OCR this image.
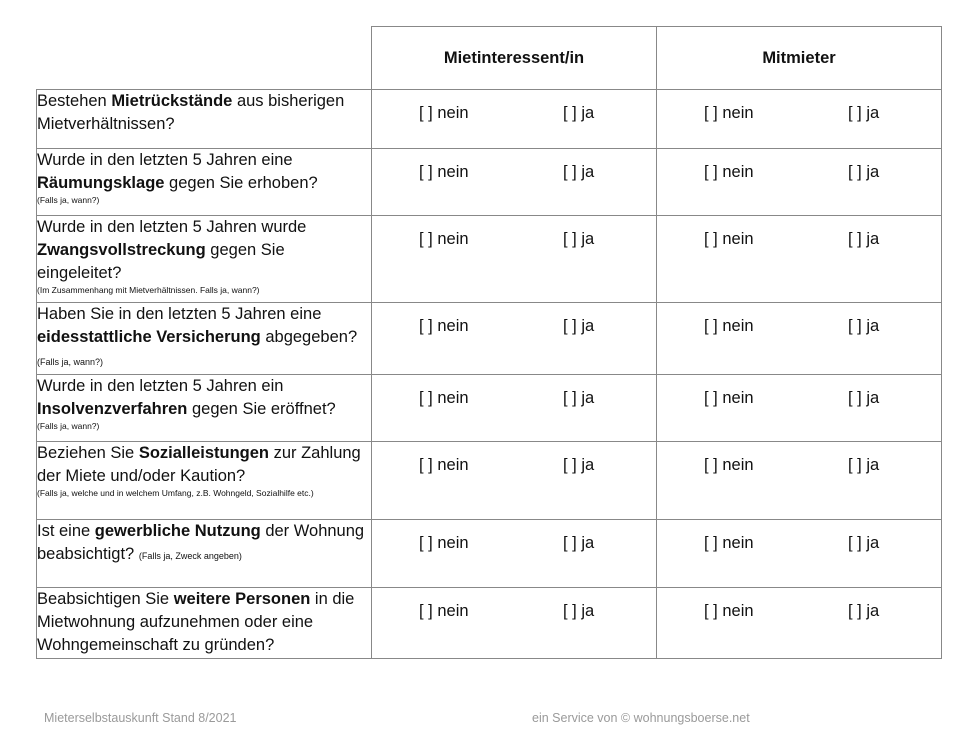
	Mietinteressent/in	Mitmieter
Bestehen Mietrückstände aus bisherigen Mietverhältnissen?	[ ] nein [ ] ja	[ ] nein [ ] ja

Wurde in den letzten 5 Jahren eine Räumungsklage gegen Sie erhoben?
(Falls ja, wann?)	[ ] nein [ ] ja	[ ] nein [ ] ja

Wurde in den letzten 5 Jahren wurde Zwangsvollstreckung gegen Sie eingeleitet?
(Im Zusammenhang mit Mietverhältnissen. Falls ja, wann?)	[ ] nein [ ] ja	[ ] nein [ ] ja

Haben Sie in den letzten 5 Jahren eine eidesstattliche Versicherung abgegeben? (Falls ja, wann?)	[ ] nein [ ] ja	[ ] nein [ ] ja

Wurde in den letzten 5 Jahren ein Insolvenzverfahren gegen Sie eröffnet?
(Falls ja, wann?)	[ ] nein [ ] ja	[ ] nein [ ] ja

Beziehen Sie Sozialleistungen zur Zahlung der Miete und/oder Kaution?
(Falls ja, welche und in welchem Umfang, z.B. Wohngeld, Sozialhilfe etc.)	[ ] nein [ ] ja	[ ] nein [ ] ja

Ist eine gewerbliche Nutzung der Wohnung beabsichtigt? (Falls ja, Zweck angeben)	[ ] nein [ ] ja	[ ] nein [ ] ja

Beabsichtigen Sie weitere Personen in die Mietwohnung aufzunehmen oder eine Wohngemeinschaft zu gründen?	[ ] nein [ ] ja	[ ] nein [ ] ja
Mieterselbstauskunft Stand 8/2021	ein Service von © wohnungsboerse.net
